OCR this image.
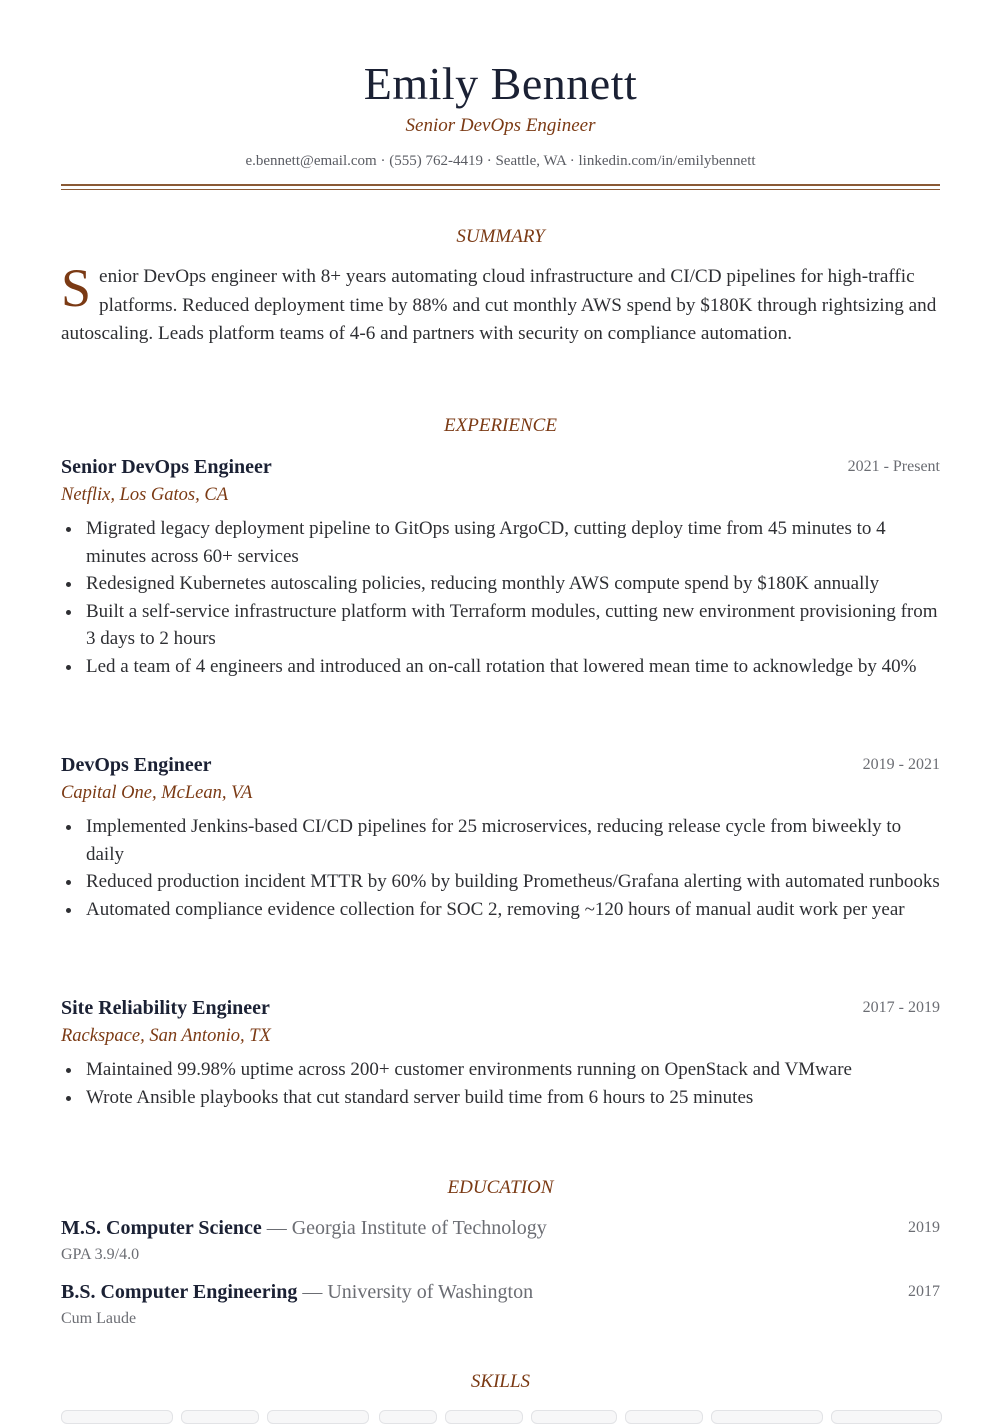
Emily Bennett
Senior DevOps Engineer
e.bennett@email.com · (555) 762-4419 · Seattle, WA · linkedin.com/in/emilybennett
SUMMARY
S enior DevOps engineer with 8+ years automating cloud infrastructure and CI/CD pipelines for high-traffic platforms. Reduced deployment time by 88% and cut monthly AWS spend by $180K through rightsizing and autoscaling. Leads platform teams of 4-6 and partners with security on compliance automation.
EXPERIENCE
Senior DevOps Engineer	2021 - Present
Netflix, Los Gatos, CA
Migrated legacy deployment pipeline to GitOps using ArgoCD, cutting deploy time from 45 minutes to 4 minutes across 60+ services
Redesigned Kubernetes autoscaling policies, reducing monthly AWS compute spend by $180K annually
Built a self-service infrastructure platform with Terraform modules, cutting new environment provisioning from 3 days to 2 hours
Led a team of 4 engineers and introduced an on-call rotation that lowered mean time to acknowledge by 40%
DevOps Engineer	2019 - 2021
Capital One, McLean, VA
Implemented Jenkins-based CI/CD pipelines for 25 microservices, reducing release cycle from biweekly to daily
Reduced production incident MTTR by 60% by building Prometheus/Grafana alerting with automated runbooks
Automated compliance evidence collection for SOC 2, removing ~120 hours of manual audit work per year
Site Reliability Engineer	2017 - 2019
Rackspace, San Antonio, TX
Maintained 99.98% uptime across 200+ customer environments running on OpenStack and VMware
Wrote Ansible playbooks that cut standard server build time from 6 hours to 25 minutes
EDUCATION
M.S. Computer Science — Georgia Institute of Technology	2019
GPA 3.9/4.0
B.S. Computer Engineering — University of Washington	2017
Cum Laude
SKILLS
